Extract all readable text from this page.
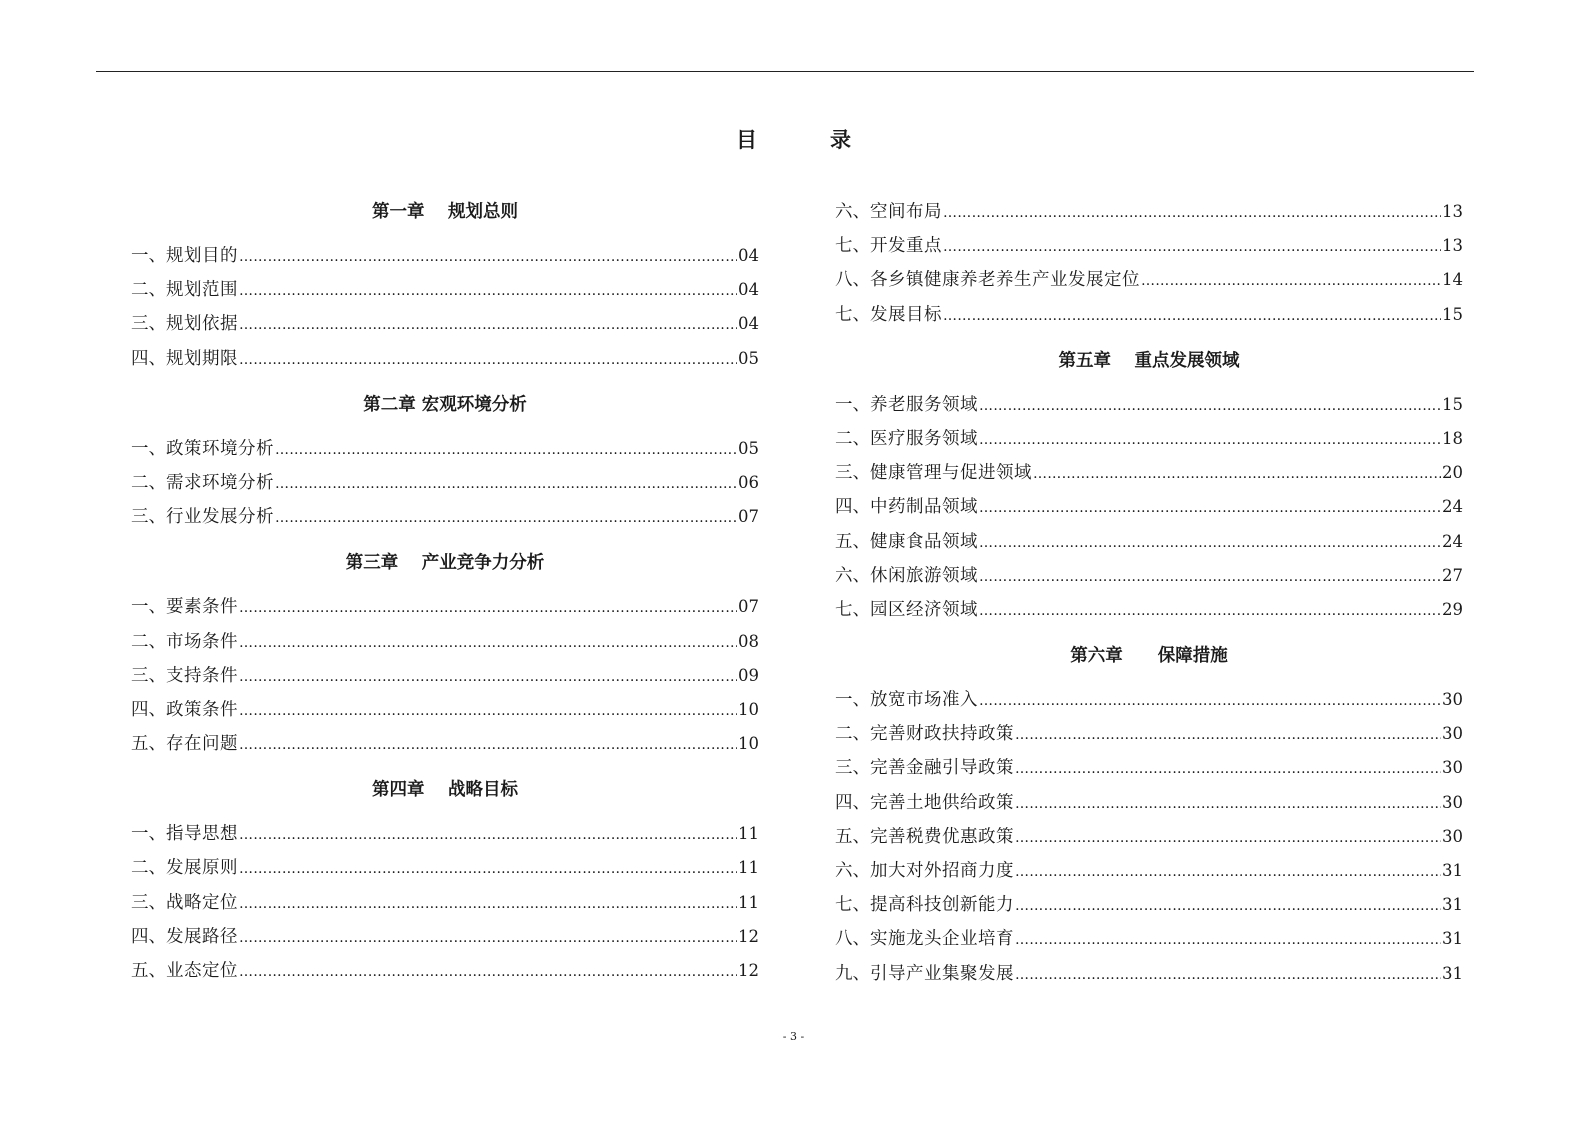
目　录
第一章　 规划总则
一、 规划目的 …………………………………………………………………………………………………………………………………………………………………………………	04
二、 规划范围 …………………………………………………………………………………………………………………………………………………………………………………	04
三、 规划依据 …………………………………………………………………………………………………………………………………………………………………………………	04
四、 规划期限 …………………………………………………………………………………………………………………………………………………………………………………	05
第二章 宏观环境分析
一、 政策环境分析 …………………………………………………………………………………………………………………………………………………………………………………	05
二、 需求环境分析 …………………………………………………………………………………………………………………………………………………………………………………	06
三、 行业发展分析 …………………………………………………………………………………………………………………………………………………………………………………	07
第三章　 产业竞争力分析
一、 要素条件 …………………………………………………………………………………………………………………………………………………………………………………	07
二、 市场条件 …………………………………………………………………………………………………………………………………………………………………………………	08
三、 支持条件 …………………………………………………………………………………………………………………………………………………………………………………	09
四、 政策条件 …………………………………………………………………………………………………………………………………………………………………………………	10
五、 存在问题 …………………………………………………………………………………………………………………………………………………………………………………	10
第四章　 战略目标
一、 指导思想 …………………………………………………………………………………………………………………………………………………………………………………	11
二、 发展原则 …………………………………………………………………………………………………………………………………………………………………………………	11
三、 战略定位 …………………………………………………………………………………………………………………………………………………………………………………	11
四、 发展路径 …………………………………………………………………………………………………………………………………………………………………………………	12
五、 业态定位 …………………………………………………………………………………………………………………………………………………………………………………	12
六、 空间布局 …………………………………………………………………………………………………………………………………………………………………………………	13
七、 开发重点 …………………………………………………………………………………………………………………………………………………………………………………	13
八、 各乡镇健康养老养生产业发展定位 …………………………………………………………………………………………………………………………………………………………………………………	14
七、 发展目标 …………………………………………………………………………………………………………………………………………………………………………………	15
第五章　 重点发展领域
一、 养老服务领域 …………………………………………………………………………………………………………………………………………………………………………………	15
二、 医疗服务领域 …………………………………………………………………………………………………………………………………………………………………………………	18
三、 健康管理与促进领域 …………………………………………………………………………………………………………………………………………………………………………………	20
四、 中药制品领域 …………………………………………………………………………………………………………………………………………………………………………………	24
五、 健康食品领域 …………………………………………………………………………………………………………………………………………………………………………………	24
六、 休闲旅游领域 …………………………………………………………………………………………………………………………………………………………………………………	27
七、 园区经济领域 …………………………………………………………………………………………………………………………………………………………………………………	29
第六章　　保障措施
一、 放宽市场准入 …………………………………………………………………………………………………………………………………………………………………………………	30
二、 完善财政扶持政策 …………………………………………………………………………………………………………………………………………………………………………………	30
三、 完善金融引导政策 …………………………………………………………………………………………………………………………………………………………………………………	30
四、 完善土地供给政策 …………………………………………………………………………………………………………………………………………………………………………………	30
五、 完善税费优惠政策 …………………………………………………………………………………………………………………………………………………………………………………	30
六、 加大对外招商力度 …………………………………………………………………………………………………………………………………………………………………………………	31
七、 提高科技创新能力 …………………………………………………………………………………………………………………………………………………………………………………	31
八、 实施龙头企业培育 …………………………………………………………………………………………………………………………………………………………………………………	31
九、 引导产业集聚发展 …………………………………………………………………………………………………………………………………………………………………………………	31
- 3 -
